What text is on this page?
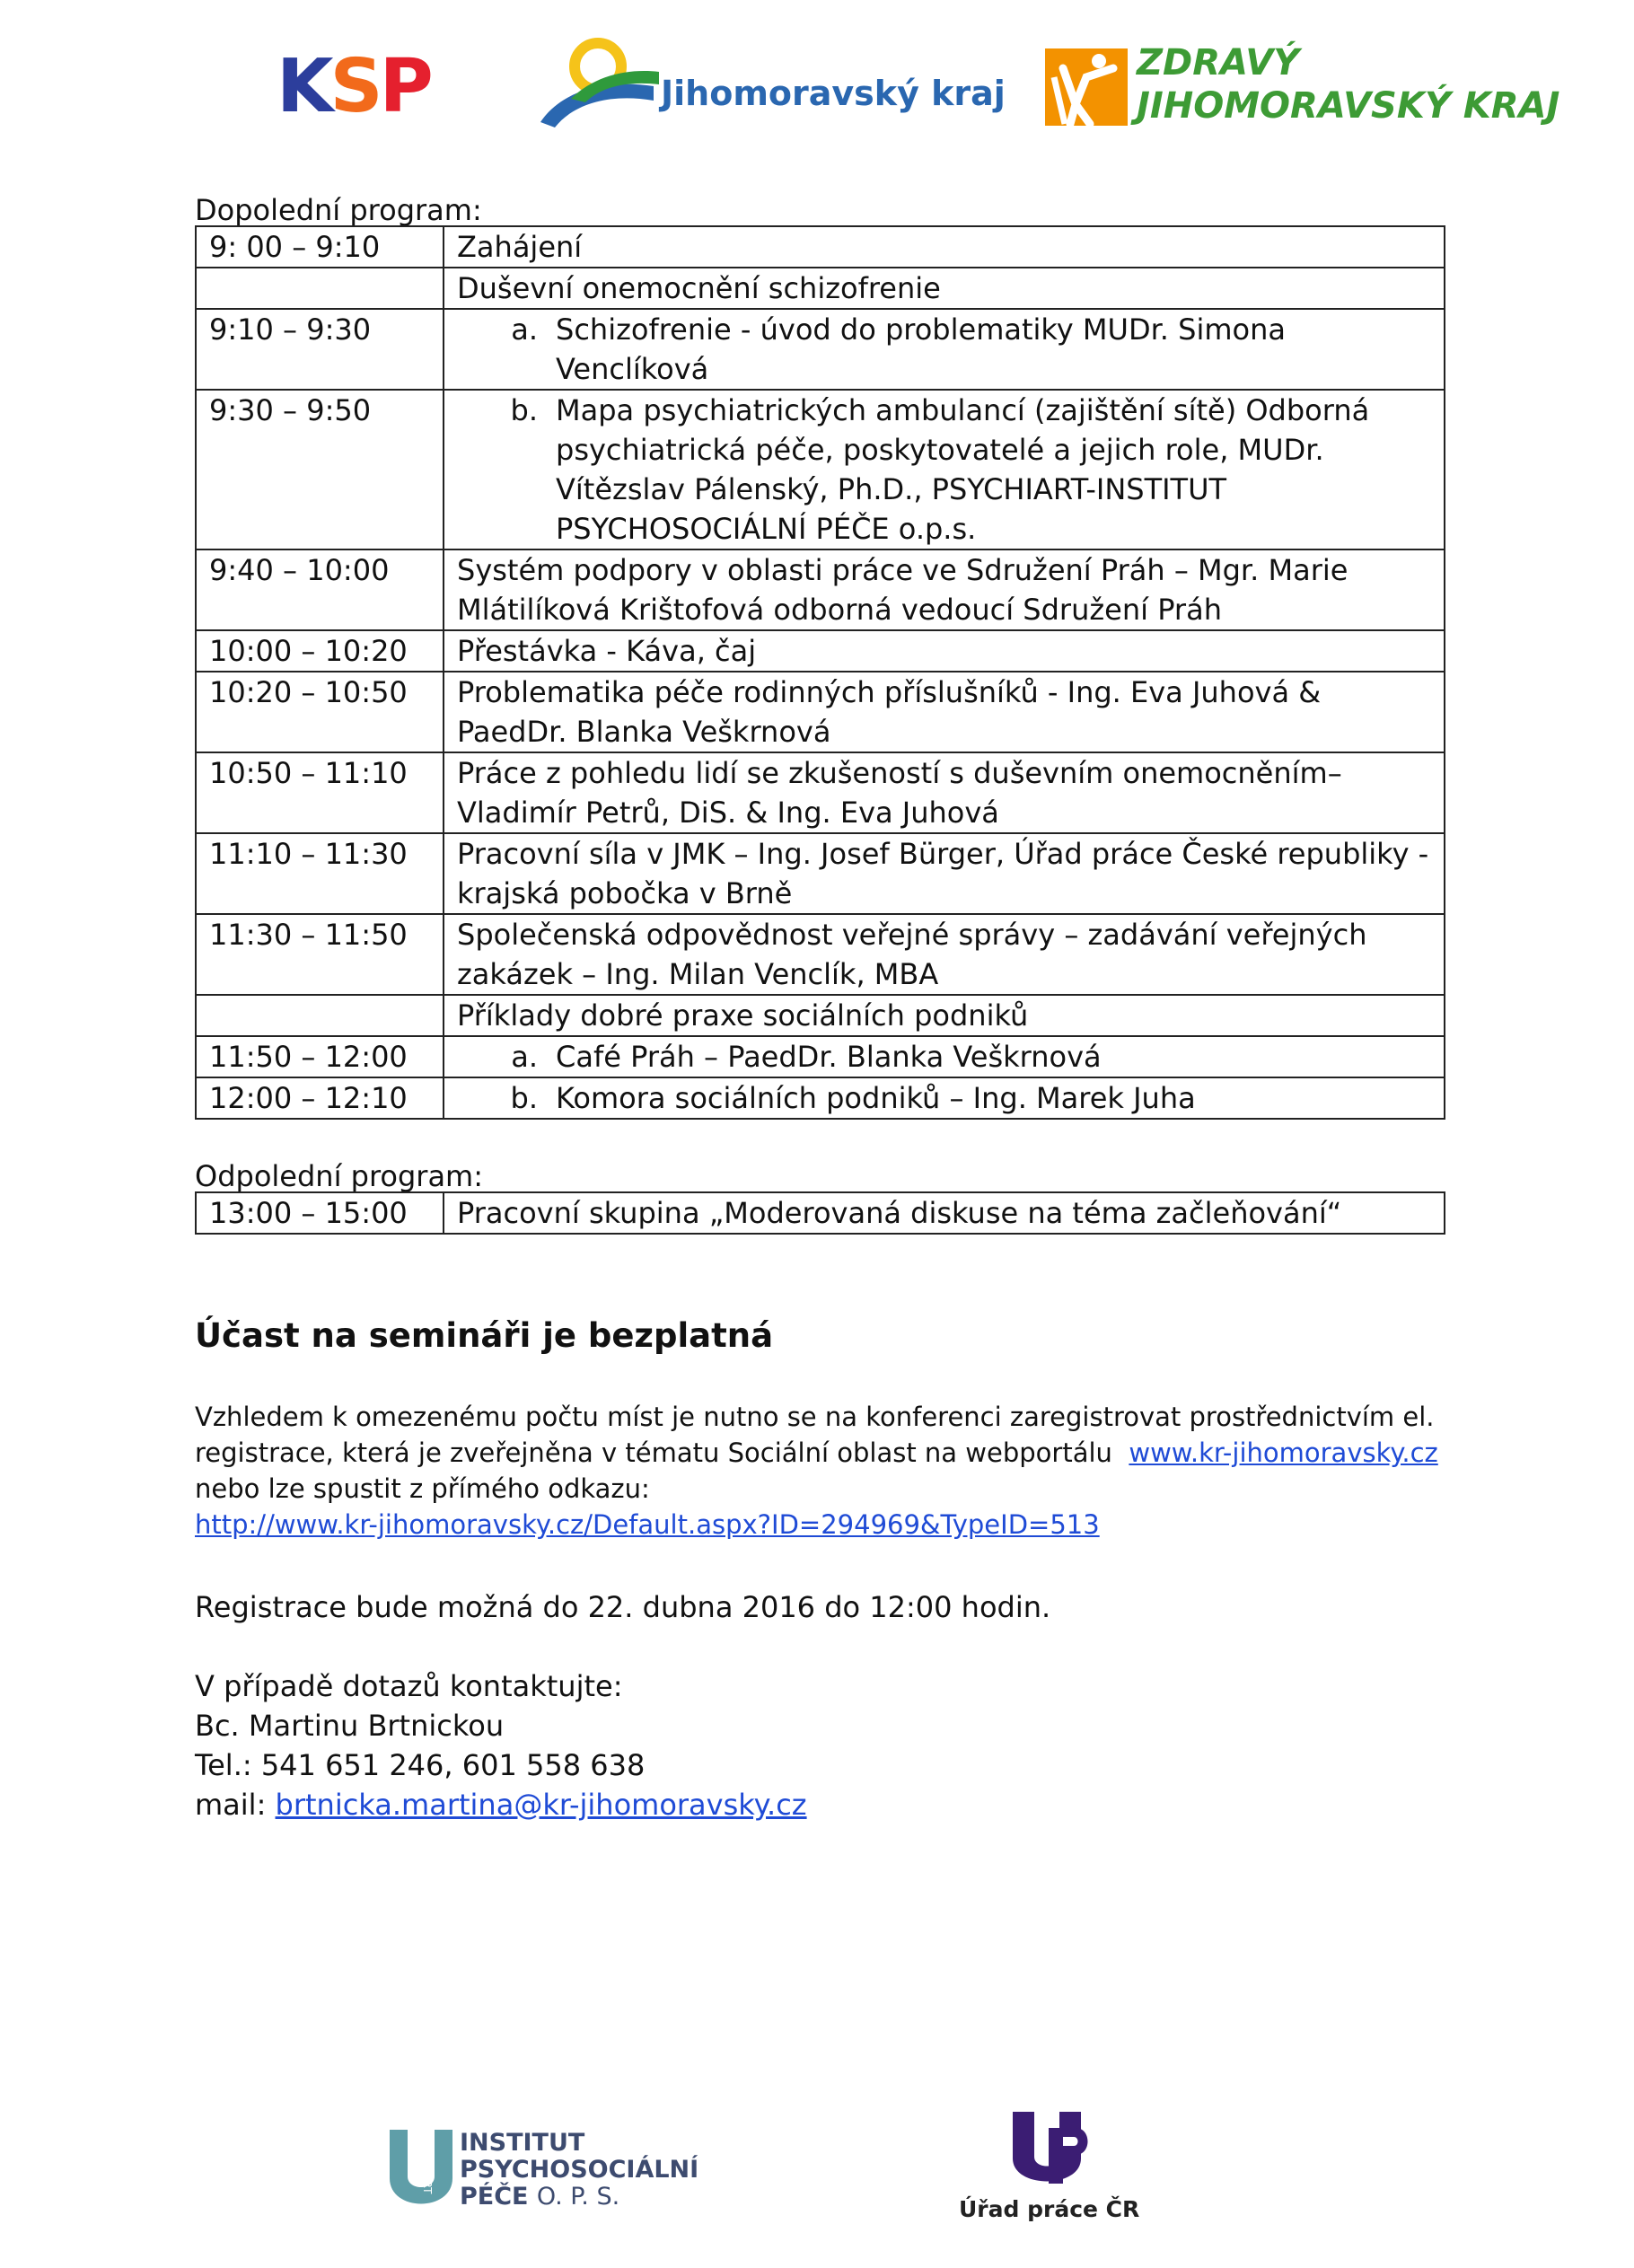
KSP	Jihomoravský kraj
ZDRAVÝ
JIHOMORAVSKÝ KRAJ
Dopolední program:
9: 00 – 9:10	Zahájení
	Duševní onemocnění schizofrenie
9:10 – 9:30	a. Schizofrenie - úvod do problematiky MUDr. Simona Venclíková

9:30 – 9:50	b. Mapa psychiatrických ambulancí (zajištění sítě) Odborná psychiatrická péče, poskytovatelé a jejich role, MUDr. Vítězslav Pálenský, Ph.D., PSYCHIART-INSTITUT PSYCHOSOCIÁLNÍ PÉČE o.p.s.

9:40 – 10:00	Systém podpory v oblasti práce ve Sdružení Práh – Mgr. Marie Mlátilíková Krištofová odborná vedoucí Sdružení Práh
10:00 – 10:20	Přestávka - Káva, čaj
10:20 – 10:50	Problematika péče rodinných příslušníků - Ing. Eva Juhová & PaedDr. Blanka Veškrnová
10:50 – 11:10	Práce z pohledu lidí se zkušeností s duševním onemocněním– Vladimír Petrů, DiS. & Ing. Eva Juhová
11:10 – 11:30	Pracovní síla v JMK – Ing. Josef Bürger, Úřad práce České republiky - krajská pobočka v Brně
11:30 – 11:50	Společenská odpovědnost veřejné správy – zadávání veřejných zakázek – Ing. Milan Venclík, MBA
	Příklady dobré praxe sociálních podniků
11:50 – 12:00	a. Café Práh – PaedDr. Blanka Veškrnová

12:00 – 12:10	b. Komora sociálních podniků – Ing. Marek Juha
Odpolední program:
13:00 – 15:00	Pracovní skupina „Moderovaná diskuse na téma začleňování“
Účast na semináři je bezplatná
Vzhledem k omezenému počtu míst je nutno se na konferenci zaregistrovat prostřednictvím el.
registrace, která je zveřejněna v tématu Sociální oblast na webportálu www.kr-jihomoravsky.cz
nebo lze spustit z přímého odkazu:
http://www.kr-jihomoravsky.cz/Default.aspx?ID=294969&TypeID=513
Registrace bude možná do 22. dubna 2016 do 12:00 hodin.
V případě dotazů kontaktujte:
Bc. Martinu Brtnickou
Tel.: 541 651 246, 601 558 638
mail: brtnicka.martina@kr-jihomoravsky.cz
PSYCHIART INSTITUT
PSYCHOSOCIÁLNÍ
PÉČE O. P. S.	Úřad práce ČR
